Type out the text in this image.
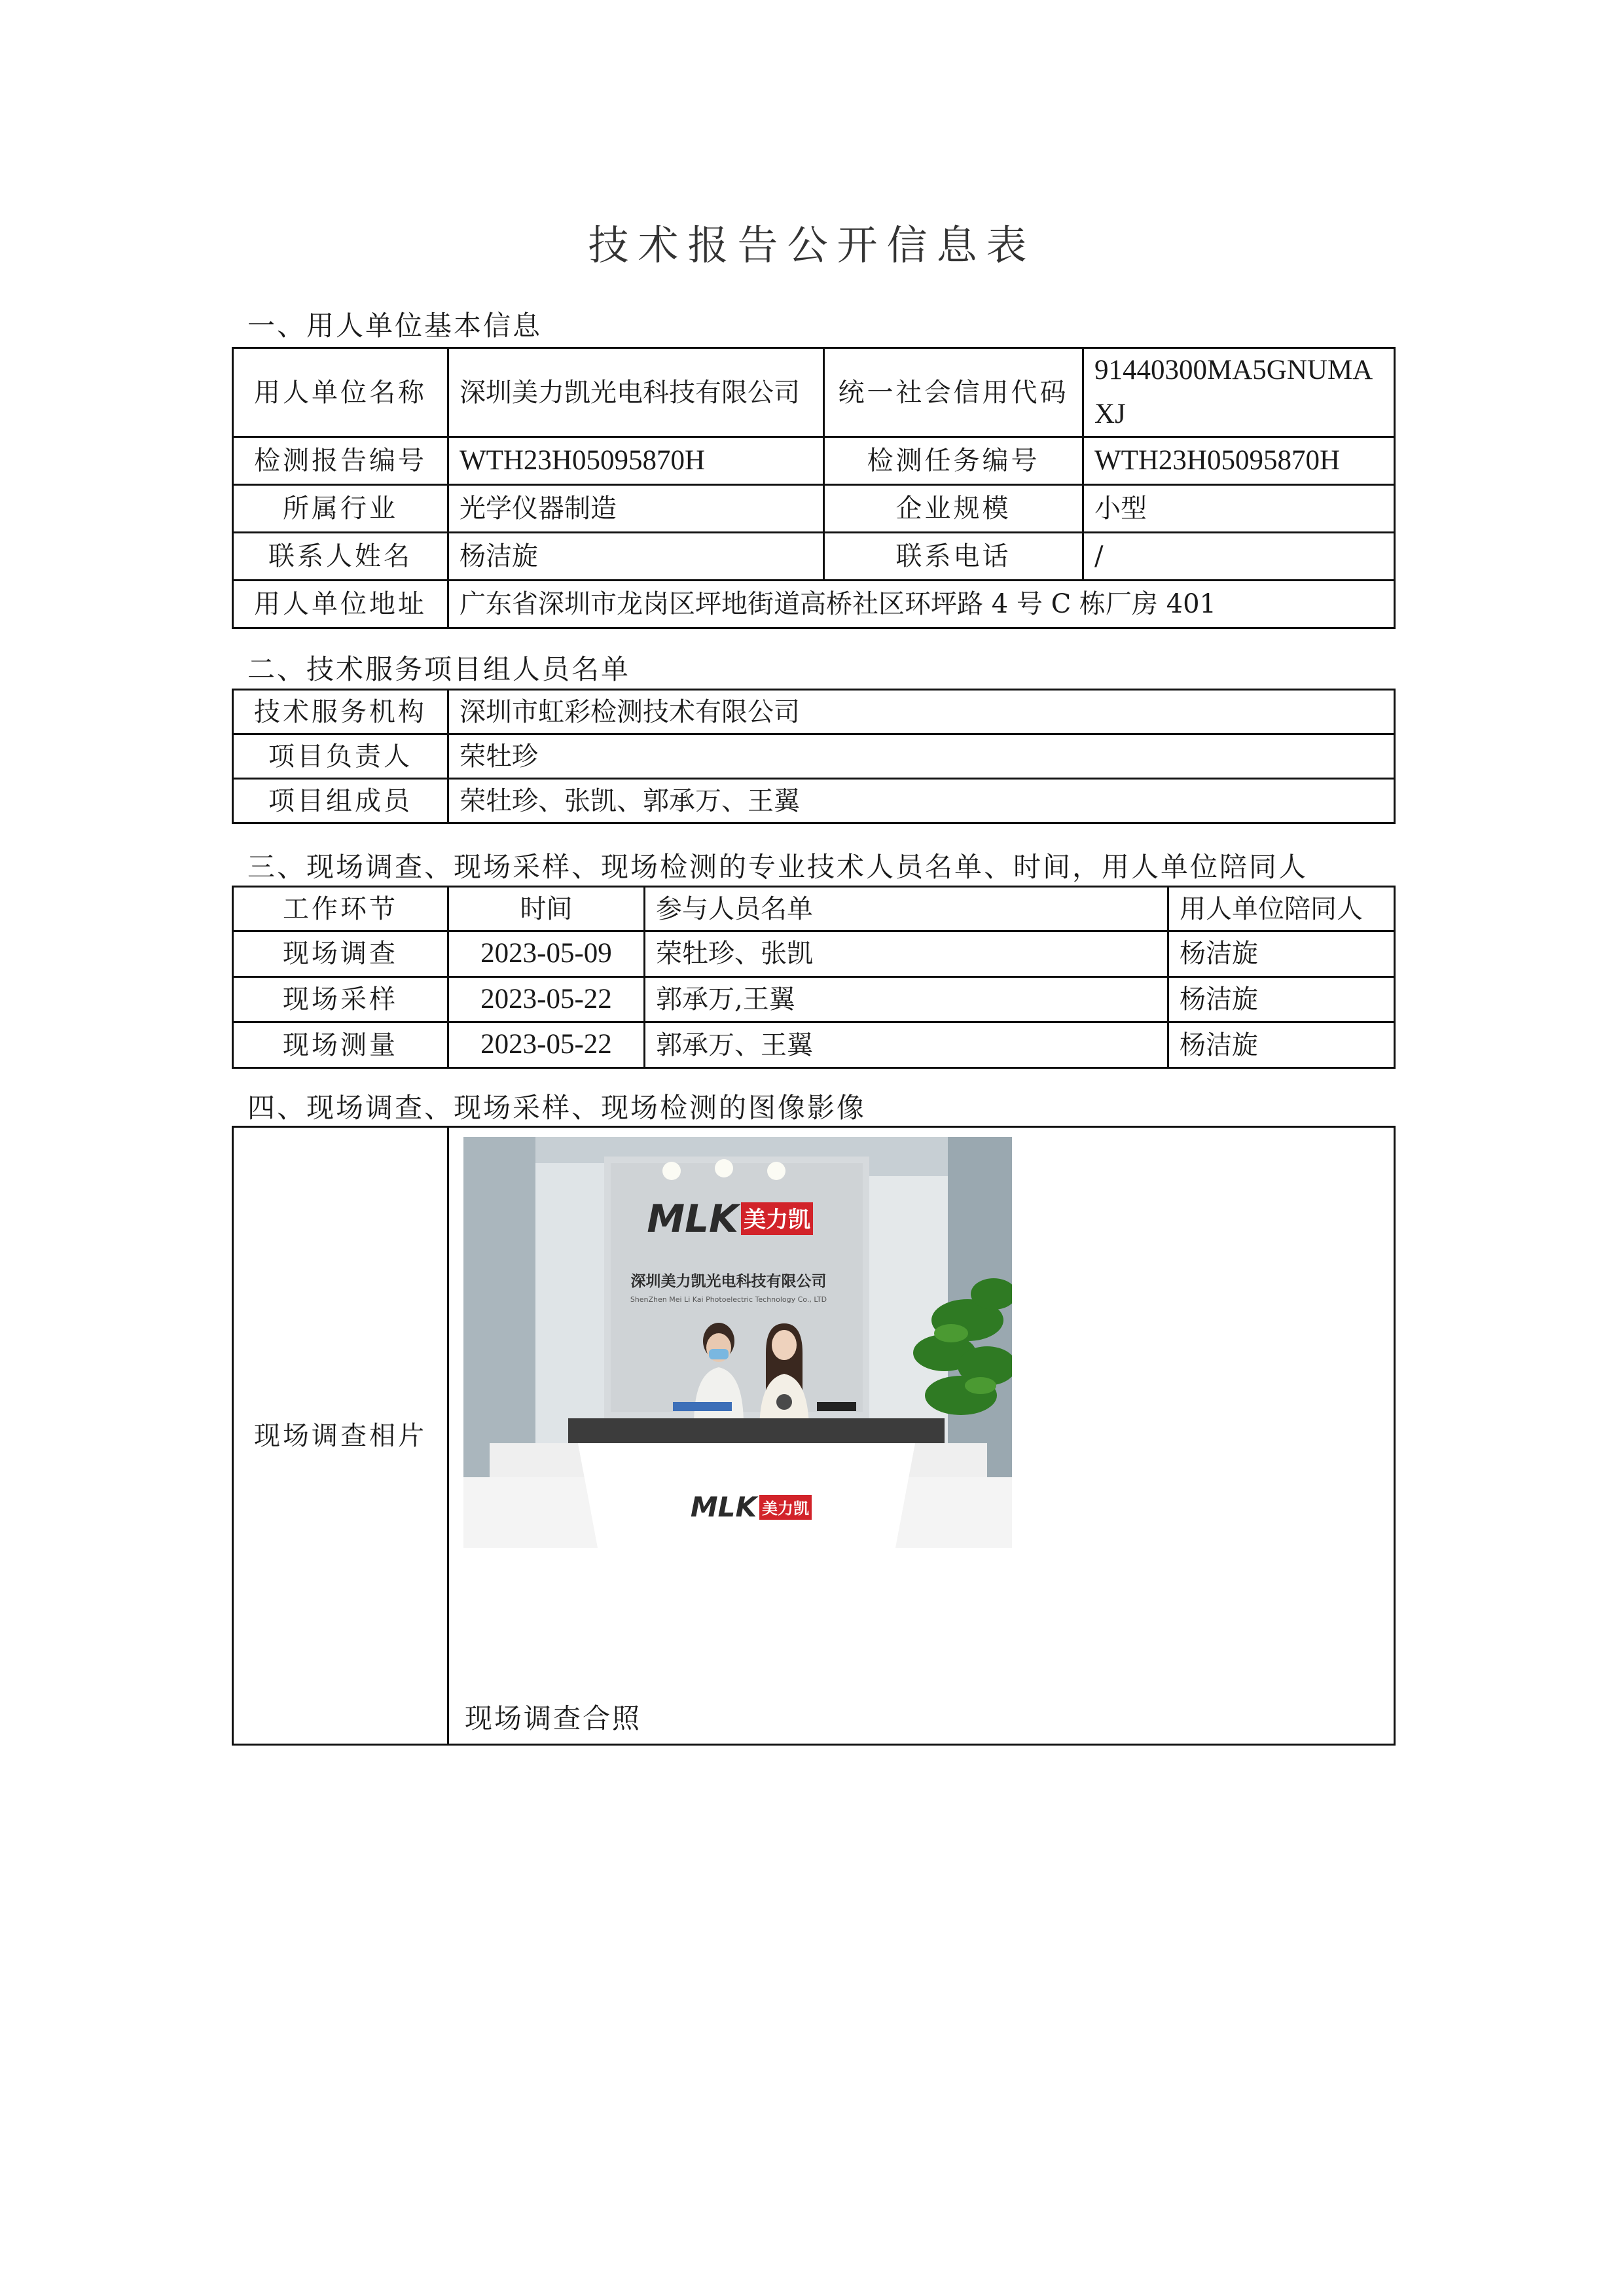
技术报告公开信息表
一、用人单位基本信息
用人单位名称	深圳美力凯光电科技有限公司	统一社会信用代码	91440300MA5GNUMAXJ
检测报告编号	WTH23H05095870H	检测任务编号	WTH23H05095870H
所属行业	光学仪器制造	企业规模	小型
联系人姓名	杨洁旋	联系电话	/
用人单位地址	广东省深圳市龙岗区坪地街道高桥社区环坪路 4 号 C 栋厂房 401		
二、技术服务项目组人员名单
技术服务机构	深圳市虹彩检测技术有限公司
项目负责人	荣牡珍
项目组成员	荣牡珍、张凯、郭承万、王翼
三、现场调查、现场采样、现场检测的专业技术人员名单、时间，用人单位陪同人
工作环节	时间	参与人员名单	用人单位陪同人
现场调查	2023-05-09	荣牡珍、张凯	杨洁旋
现场采样	2023-05-22	郭承万,王翼	杨洁旋
现场测量	2023-05-22	郭承万、王翼	杨洁旋
四、现场调查、现场采样、现场检测的图像影像
现场调查相片	
MLK 美力凯
深圳美力凯光电科技有限公司
ShenZhen Mei Li Kai Photoelectric Technology Co., LTD
MLK 美力凯
现场调查合照
